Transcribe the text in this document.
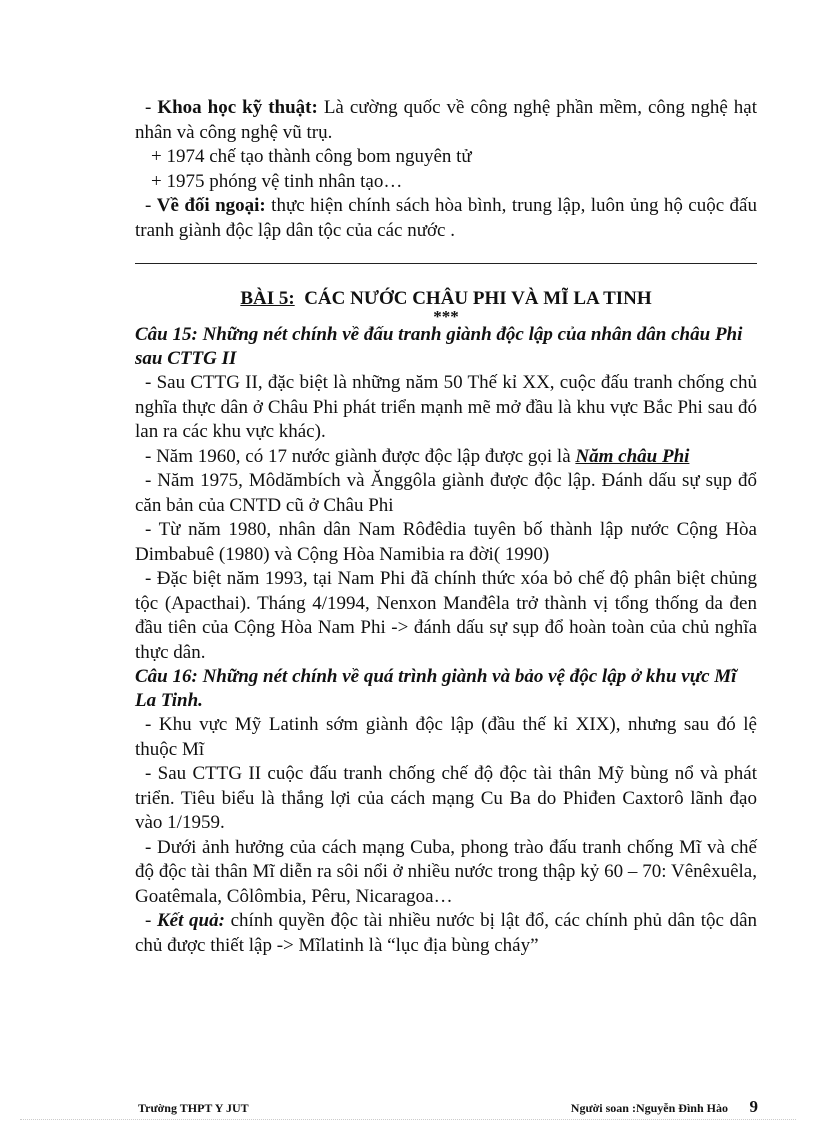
- Khoa học kỹ thuật: Là cường quốc về công nghệ phần mềm, công nghệ hạt nhân và công nghệ vũ trụ.

+ 1974 chế tạo thành công bom nguyên tử

+ 1975 phóng vệ tinh nhân tạo…

- Về đối ngoại: thực hiện chính sách hòa bình, trung lập, luôn ủng hộ cuộc đấu tranh giành độc lập dân tộc của các nước .

BÀI 5: CÁC NƯỚC CHÂU PHI VÀ MĨ LA TINH

***

Câu 15: Những nét chính về đấu tranh giành độc lập của nhân dân châu Phi sau CTTG II

- Sau CTTG II, đặc biệt là những năm 50 Thế kỉ XX, cuộc đấu tranh chống chủ nghĩa thực dân ở Châu Phi phát triển mạnh mẽ mở đầu là khu vực Bắc Phi sau đó lan ra các khu vực khác).

- Năm 1960, có 17 nước giành được độc lập được gọi là Năm châu Phi

- Năm 1975, Môdămbích và Ănggôla giành được độc lập. Đánh dấu sự sụp đổ căn bản của CNTD cũ ở Châu Phi

- Từ năm 1980, nhân dân Nam Rôđêdia tuyên bố thành lập nước Cộng Hòa Dimbabuê (1980) và Cộng Hòa Namibia ra đời( 1990)

- Đặc biệt năm 1993, tại Nam Phi đã chính thức xóa bỏ chế độ phân biệt chủng tộc (Apacthai). Tháng 4/1994, Nenxon Manđêla trở thành vị tổng thống da đen đầu tiên của Cộng Hòa Nam Phi -> đánh dấu sự sụp đổ hoàn toàn của chủ nghĩa thực dân.

Câu 16: Những nét chính về quá trình giành và bảo vệ độc lập ở khu vực Mĩ La Tinh.

- Khu vực Mỹ Latinh sớm giành độc lập (đầu thế kỉ XIX), nhưng sau đó lệ thuộc Mĩ

- Sau CTTG II cuộc đấu tranh chống chế độ độc tài thân Mỹ bùng nổ và phát triển. Tiêu biểu là thắng lợi của cách mạng Cu Ba do Phiđen Caxtorô lãnh đạo vào 1/1959.

- Dưới ảnh hưởng của cách mạng Cuba, phong trào đấu tranh chống Mĩ và chế độ độc tài thân Mĩ diễn ra sôi nổi ở nhiều nước trong thập kỷ 60 – 70: Vênêxuêla, Goatêmala, Côlômbia, Pêru, Nicaragoa…

- Kết quả: chính quyền độc tài nhiều nước bị lật đổ, các chính phủ dân tộc dân chủ được thiết lập -> Mĩlatinh là “lục địa bùng cháy”

Trường THPT Y JUT	Người soan :Nguyễn Đình Hào 9
